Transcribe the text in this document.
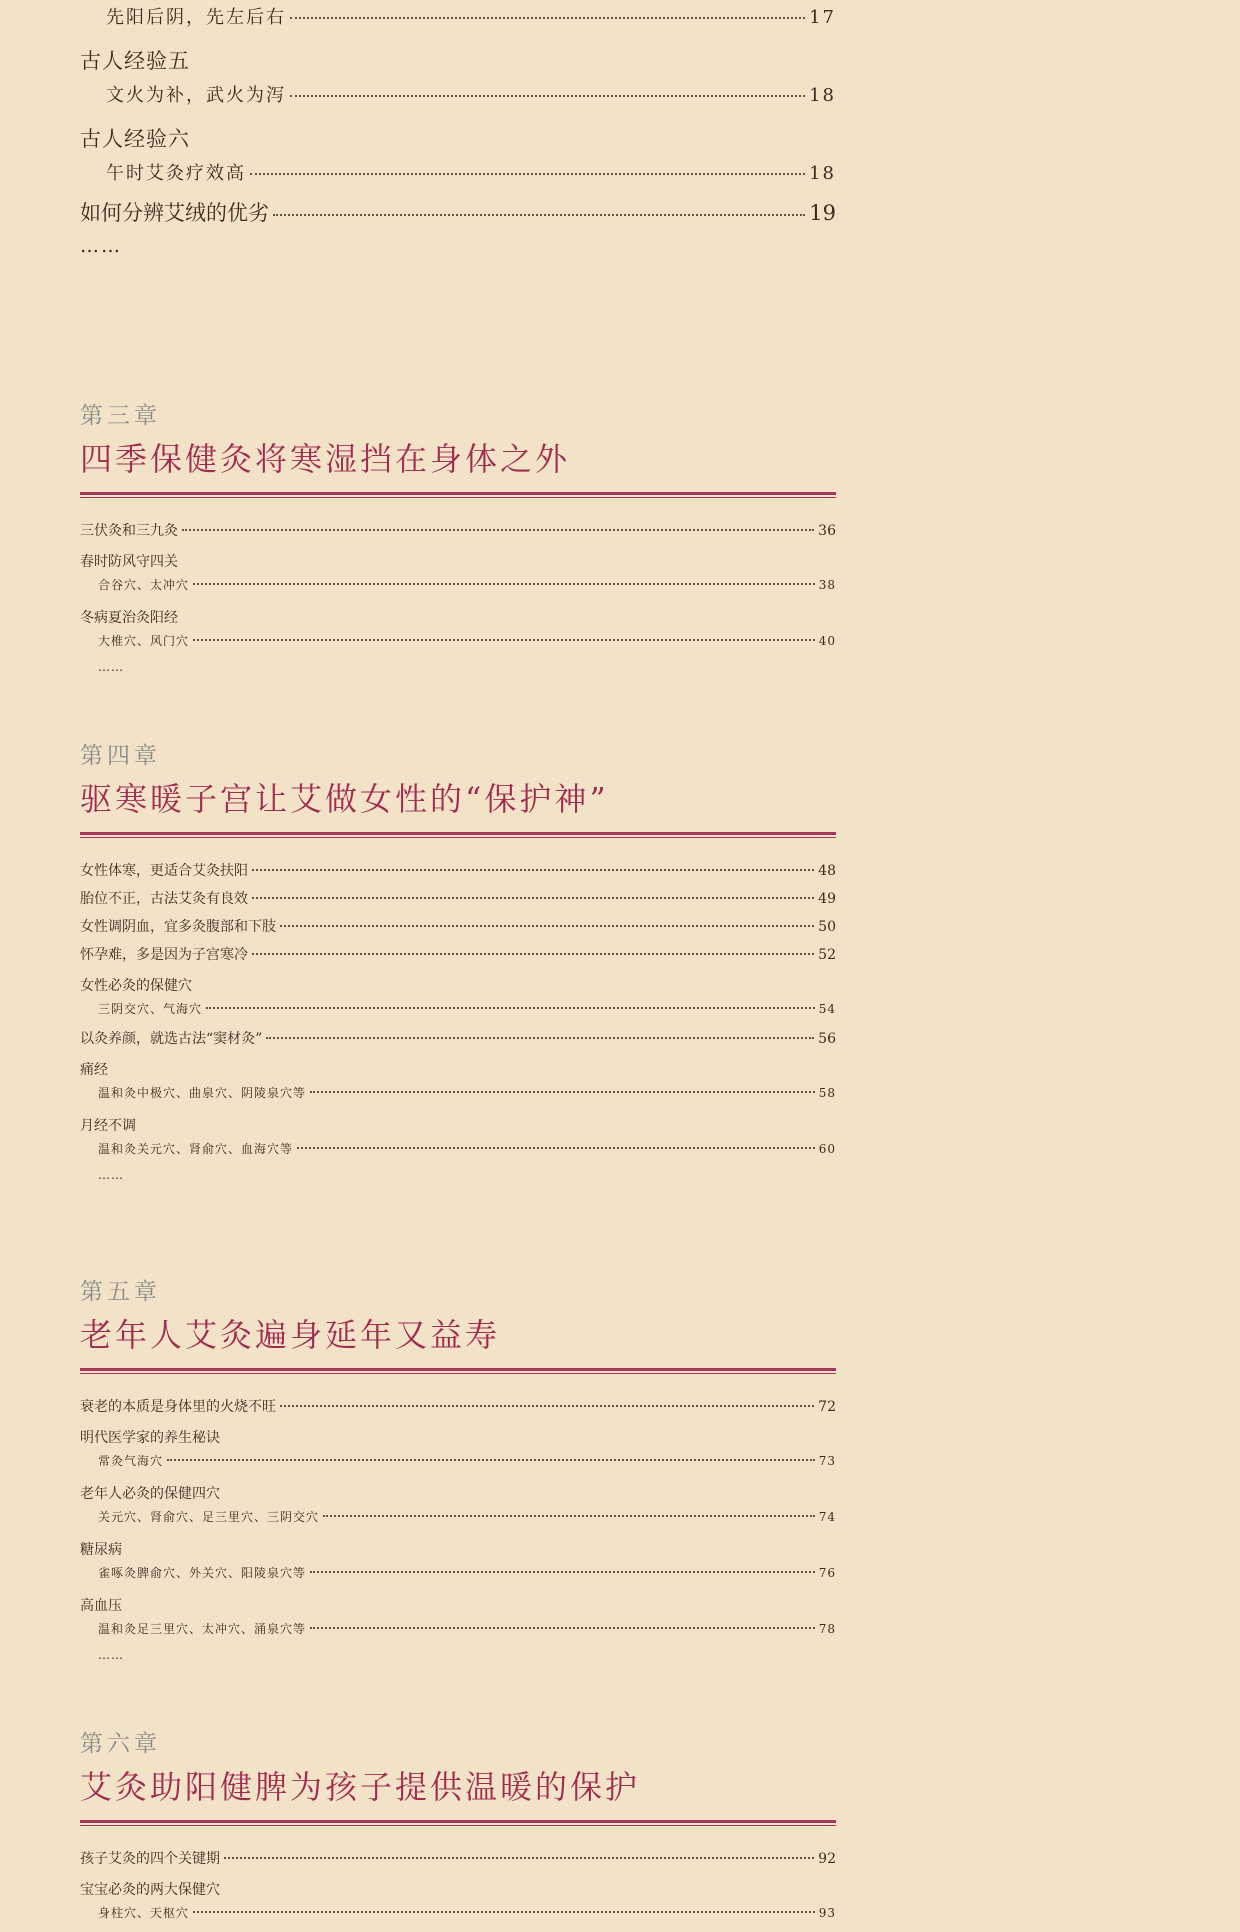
先阳后阴，先左后右	17
古人经验五
文火为补，武火为泻	18
古人经验六
午时艾灸疗效高	18
如何分辨艾绒的优劣	19
……
第三章
四季保健灸将寒湿挡在身体之外
三伏灸和三九灸	36
春时防风守四关
合谷穴、太冲穴	38
冬病夏治灸阳经
大椎穴、风门穴	40
……
第四章
驱寒暖子宫让艾做女性的“保护神”
女性体寒，更适合艾灸扶阳	48
胎位不正，古法艾灸有良效	49
女性调阴血，宜多灸腹部和下肢	50
怀孕难，多是因为子宫寒冷	52
女性必灸的保健穴
三阴交穴、气海穴	54
以灸养颜，就选古法“窦材灸”	56
痛经
温和灸中极穴、曲泉穴、阴陵泉穴等	58
月经不调
温和灸关元穴、肾俞穴、血海穴等	60
……
第五章
老年人艾灸遍身延年又益寿
衰老的本质是身体里的火烧不旺	72
明代医学家的养生秘诀
常灸气海穴	73
老年人必灸的保健四穴
关元穴、肾俞穴、足三里穴、三阴交穴	74
糖尿病
雀啄灸脾俞穴、外关穴、阳陵泉穴等	76
高血压
温和灸足三里穴、太冲穴、涌泉穴等	78
……
第六章
艾灸助阳健脾为孩子提供温暖的保护
孩子艾灸的四个关键期	92
宝宝必灸的两大保健穴
身柱穴、天枢穴	93
